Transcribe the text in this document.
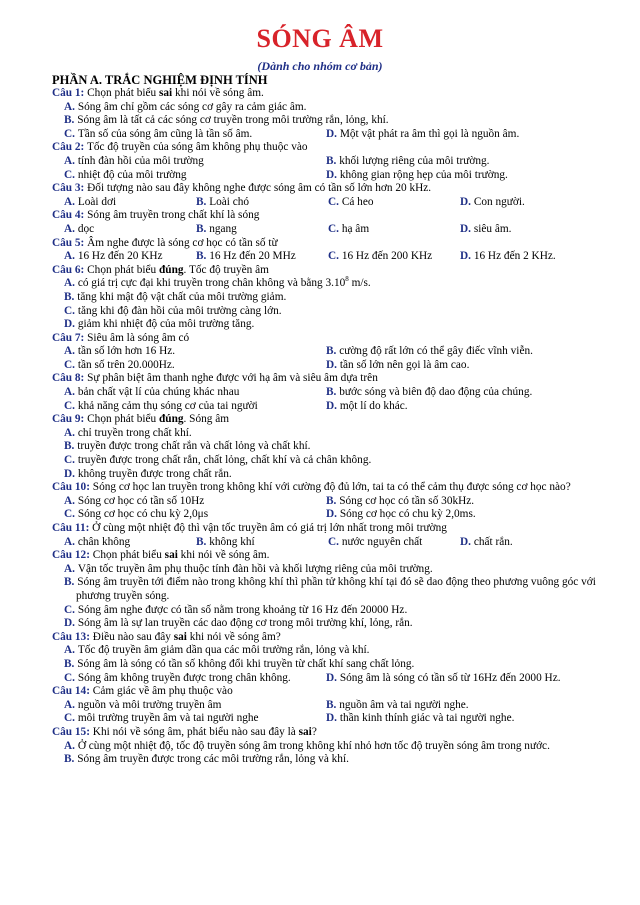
SÓNG ÂM
(Dành cho nhóm cơ bản)
PHẦN A. TRẮC NGHIỆM ĐỊNH TÍNH

Câu 1: Chọn phát biểu sai khi nói về sóng âm.

A. Sóng âm chỉ gồm các sóng cơ gây ra cảm giác âm.

B. Sóng âm là tất cả các sóng cơ truyền trong môi trường rắn, lỏng, khí.

C. Tần số của sóng âm cũng là tần số âm.	D. Một vật phát ra âm thì gọi là nguồn âm.

Câu 2: Tốc độ truyền của sóng âm không phụ thuộc vào

A. tính đàn hồi của môi trường	B. khối lượng riêng của môi trường.
C. nhiệt độ của môi trường	D. không gian rộng hẹp của môi trường.

Câu 3: Đối tượng nào sau đây không nghe được sóng âm có tần số lớn hơn 20 kHz.

A. Loài dơi	B. Loài chó	C. Cá heo	D. Con người.

Câu 4: Sóng âm truyền trong chất khí là sóng

A. dọc	B. ngang	C. hạ âm	D. siêu âm.

Câu 5: Âm nghe được là sóng cơ học có tần số từ

A. 16 Hz đến 20 KHz	B. 16 Hz đến 20 MHz	C. 16 Hz đến 200 KHz	D. 16 Hz đến 2 KHz.

Câu 6: Chọn phát biểu đúng. Tốc độ truyền âm

A. có giá trị cực đại khi truyền trong chân không và bằng 3.10$^8$ m/s.

B. tăng khi mật độ vật chất của môi trường giảm.

C. tăng khi độ đàn hồi của môi trường càng lớn.

D. giảm khi nhiệt độ của môi trường tăng.

Câu 7: Siêu âm là sóng âm có

A. tần số lớn hơn 16 Hz.	B. cường độ rất lớn có thể gây điếc vĩnh viễn.
C. tần số trên 20.000Hz.	D. tần số lớn nên gọi là âm cao.

Câu 8: Sự phân biệt âm thanh nghe được với hạ âm và siêu âm dựa trên

A. bản chất vật lí của chúng khác nhau	B. bước sóng và biên độ dao động của chúng.
C. khả năng cảm thụ sóng cơ của tai người	D. một lí do khác.

Câu 9: Chọn phát biểu đúng. Sóng âm

A. chỉ truyền trong chất khí.

B. truyền được trong chất rắn và chất lỏng và chất khí.

C. truyền được trong chất rắn, chất lỏng, chất khí và cả chân không.

D. không truyền được trong chất rắn.

Câu 10: Sóng cơ học lan truyền trong không khí với cường độ đủ lớn, tai ta có thể cảm thụ được sóng cơ học nào?

A. Sóng cơ học có tần số 10Hz	B. Sóng cơ học có tần số 30kHz.
C. Sóng cơ học có chu kỳ 2,0μs	D. Sóng cơ học có chu kỳ 2,0ms.

Câu 11: Ở cùng một nhiệt độ thì vận tốc truyền âm có giá trị lớn nhất trong môi trường

A. chân không	B. không khí	C. nước nguyên chất	D. chất rắn.

Câu 12: Chọn phát biểu sai khi nói về sóng âm.

A. Vận tốc truyền âm phụ thuộc tính đàn hồi và khối lượng riêng của môi trường.

B. Sóng âm truyền tới điểm nào trong không khí thì phần tử không khí tại đó sẽ dao động theo phương vuông góc với phương truyền sóng.

C. Sóng âm nghe được có tần số nằm trong khoảng từ 16 Hz đến 20000 Hz.

D. Sóng âm là sự lan truyền các dao động cơ trong môi trường khí, lỏng, rắn.

Câu 13: Điều nào sau đây sai khi nói về sóng âm?

A. Tốc độ truyền âm giảm dần qua các môi trường rắn, lỏng và khí.

B. Sóng âm là sóng có tần số không đổi khi truyền từ chất khí sang chất lỏng.

C. Sóng âm không truyền được trong chân không.	D. Sóng âm là sóng có tần số từ 16Hz đến 2000 Hz.

Câu 14: Cảm giác về âm phụ thuộc vào

A. nguồn và môi trường truyền âm	B. nguồn âm và tai người nghe.
C. môi trường truyền âm và tai người nghe	D. thần kinh thính giác và tai người nghe.

Câu 15: Khi nói về sóng âm, phát biểu nào sau đây là sai?

A. Ở cùng một nhiệt độ, tốc độ truyền sóng âm trong không khí nhỏ hơn tốc độ truyền sóng âm trong nước.

B. Sóng âm truyền được trong các môi trường rắn, lỏng và khí.
